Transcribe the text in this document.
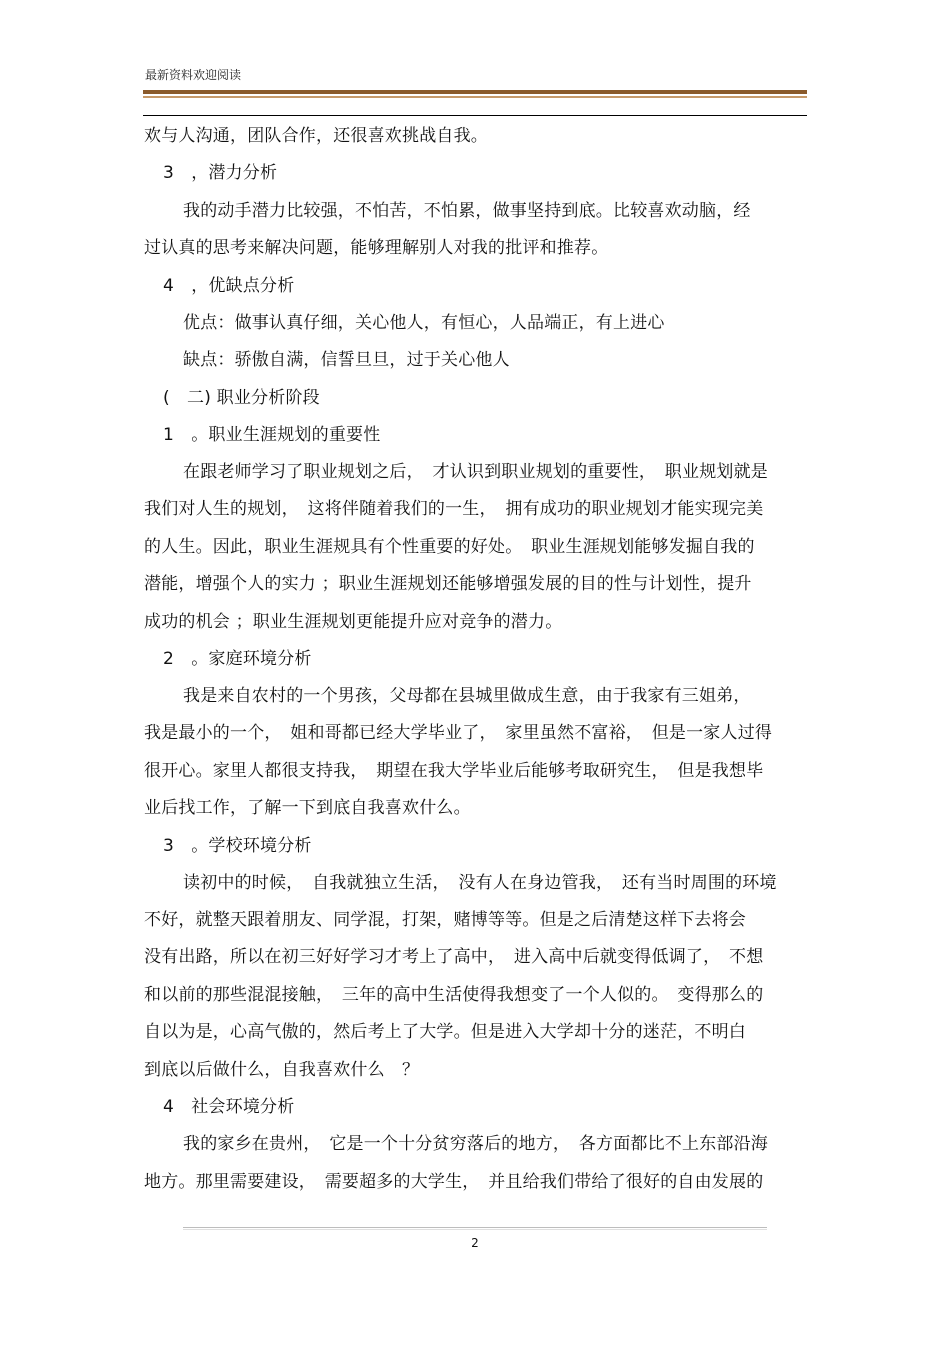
最新资料欢迎阅读
欢与人沟通，团队合作，还很喜欢挑战自我。
3　，潜力分析
我的动手潜力比较强，不怕苦，不怕累，做事坚持到底。比较喜欢动脑，经
过认真的思考来解决问题，能够理解别人对我的批评和推荐。
4　，优缺点分析
优点：做事认真仔细，关心他人，有恒心，人品端正，有上进心
缺点：骄傲自满，信誓旦旦，过于关心他人
(　二) 职业分析阶段
1　。职业生涯规划的重要性
在跟老师学习了职业规划之后，　才认识到职业规划的重要性，　职业规划就是
我们对人生的规划，　这将伴随着我们的一生，　拥有成功的职业规划才能实现完美
的人生。因此，职业生涯规具有个性重要的好处。　职业生涯规划能够发掘自我的
潜能，增强个人的实力 ；职业生涯规划还能够增强发展的目的性与计划性，提升
成功的机会 ；职业生涯规划更能提升应对竞争的潜力。
2　。家庭环境分析
我是来自农村的一个男孩，父母都在县城里做成生意，由于我家有三姐弟，
我是最小的一个，　姐和哥都已经大学毕业了，　家里虽然不富裕，　但是一家人过得
很开心。家里人都很支持我，　期望在我大学毕业后能够考取研究生，　但是我想毕
业后找工作，了解一下到底自我喜欢什么。
3　。学校环境分析
读初中的时候，　自我就独立生活，　没有人在身边管我，　还有当时周围的环境
不好，就整天跟着朋友、同学混，打架，赌博等等。但是之后清楚这样下去将会
没有出路，所以在初三好好学习才考上了高中，　进入高中后就变得低调了，　不想
和以前的那些混混接触，　三年的高中生活使得我想变了一个人似的。　变得那么的
自以为是，心高气傲的，然后考上了大学。但是进入大学却十分的迷茫，不明白
到底以后做什么，自我喜欢什么　？
4　社会环境分析
我的家乡在贵州，　它是一个十分贫穷落后的地方，　各方面都比不上东部沿海
地方。那里需要建设，　需要超多的大学生，　并且给我们带给了很好的自由发展的
2
